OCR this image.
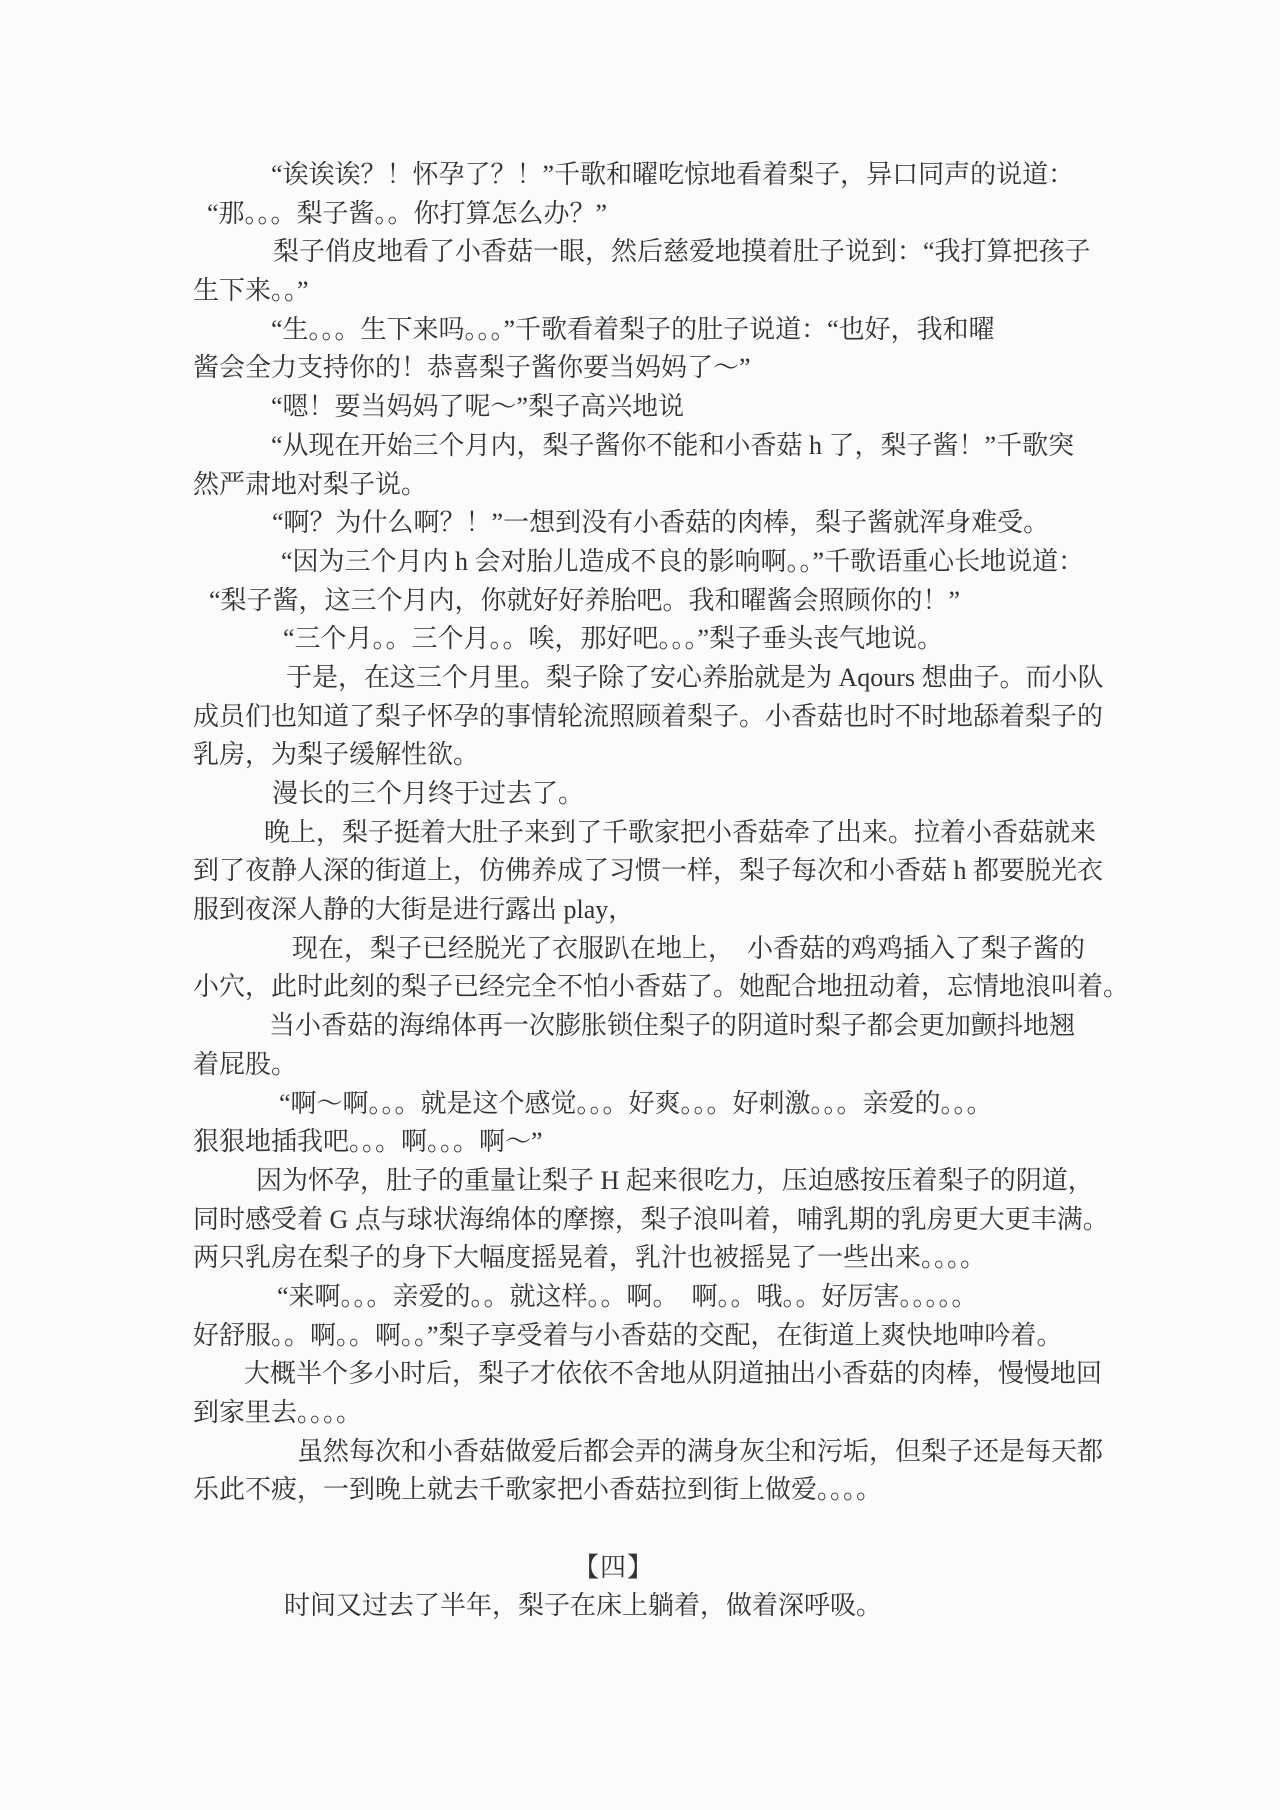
“诶诶诶？！怀孕了？！”千歌和曜吃惊地看着梨子，异口同声的说道：
“那。。。梨子酱。。你打算怎么办？”
梨子俏皮地看了小香菇一眼，然后慈爱地摸着肚子说到：“我打算把孩子
生下来。。”
“生。。。生下来吗。。。”千歌看着梨子的肚子说道：“也好，我和曜
酱会全力支持你的！恭喜梨子酱你要当妈妈了～”
“嗯！要当妈妈了呢～”梨子高兴地说
“从现在开始三个月内，梨子酱你不能和小香菇 h 了，梨子酱！”千歌突
然严肃地对梨子说。
“啊？为什么啊？！”一想到没有小香菇的肉棒，梨子酱就浑身难受。
“因为三个月内 h 会对胎儿造成不良的影响啊。。”千歌语重心长地说道：
“梨子酱，这三个月内，你就好好养胎吧。我和曜酱会照顾你的！”
“三个月。。三个月。。唉，那好吧。。。”梨子垂头丧气地说。
于是，在这三个月里。梨子除了安心养胎就是为 Aqours 想曲子。而小队
成员们也知道了梨子怀孕的事情轮流照顾着梨子。小香菇也时不时地舔着梨子的
乳房，为梨子缓解性欲。
漫长的三个月终于过去了。
晚上，梨子挺着大肚子来到了千歌家把小香菇牵了出来。拉着小香菇就来
到了夜静人深的街道上，仿佛养成了习惯一样，梨子每次和小香菇 h 都要脱光衣
服到夜深人静的大街是进行露出 play，
现在，梨子已经脱光了衣服趴在地上，　小香菇的鸡鸡插入了梨子酱的
小穴，此时此刻的梨子已经完全不怕小香菇了。她配合地扭动着，忘情地浪叫着。
当小香菇的海绵体再一次膨胀锁住梨子的阴道时梨子都会更加颤抖地翘
着屁股。
“啊～啊。。。就是这个感觉。。。好爽。。。好刺激。。。亲爱的。。。
狠狠地插我吧。。。啊。。。啊～”
因为怀孕，肚子的重量让梨子 H 起来很吃力，压迫感按压着梨子的阴道，
同时感受着 G 点与球状海绵体的摩擦，梨子浪叫着，哺乳期的乳房更大更丰满。
两只乳房在梨子的身下大幅度摇晃着，乳汁也被摇晃了一些出来。。。。
“来啊。。。亲爱的。。就这样。。啊。　啊。。哦。。好厉害。。。。。
好舒服。。啊。。啊。。”梨子享受着与小香菇的交配，在街道上爽快地呻吟着。
大概半个多小时后，梨子才依依不舍地从阴道抽出小香菇的肉棒，慢慢地回
到家里去。。。。
虽然每次和小香菇做爱后都会弄的满身灰尘和污垢，但梨子还是每天都
乐此不疲，一到晚上就去千歌家把小香菇拉到街上做爱。。。。

【四】
时间又过去了半年，梨子在床上躺着，做着深呼吸。
